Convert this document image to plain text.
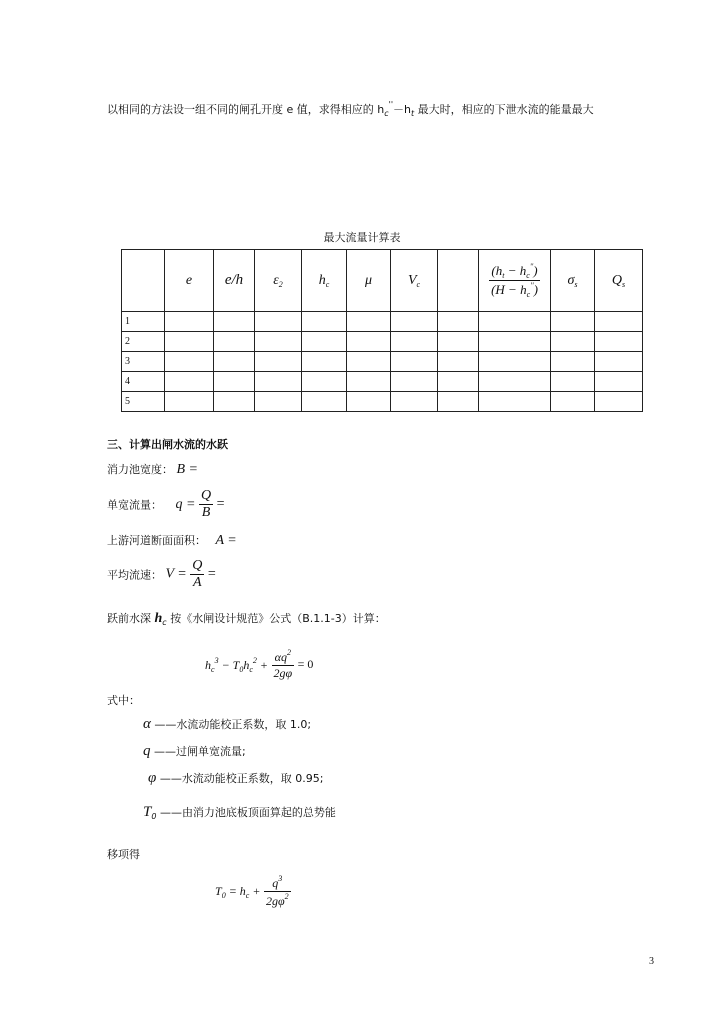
以相同的方法设一组不同的闸孔开度 e 值，求得相应的 $h_c''-h_t$ 最大时，相应的下泄水流的能量最大
最大流量计算表
	e	e/h	$\varepsilon_2$	$h_c$	μ	$V_c$		$\frac{(h_t - h_c'')}{(H - h_c'')}$	$\sigma_s$	$Q_s$
1										
2										
3										
4										
5										
三、计算出闸水流的水跃
消力池宽度： B =
单宽流量： $q = \frac{Q}{B}$ =
上游河道断面面积： A =
平均流速： $V = \frac{Q}{A}$ =
跃前水深 $h_c$ 按《水闸设计规范》公式（B.1.1-3）计算：
$h_c^3 - T_0h_c^2 + \frac{\alpha q^2}{2g\varphi} = 0$
式中：
α ——水流动能校正系数，取 1.0;
q ——过闸单宽流量;
φ ——水流动能校正系数，取 0.95;
$T_0$ ——由消力池底板顶面算起的总势能
移项得
$T_0 = h_c + \frac{q^3}{2g\varphi^2}$
3
